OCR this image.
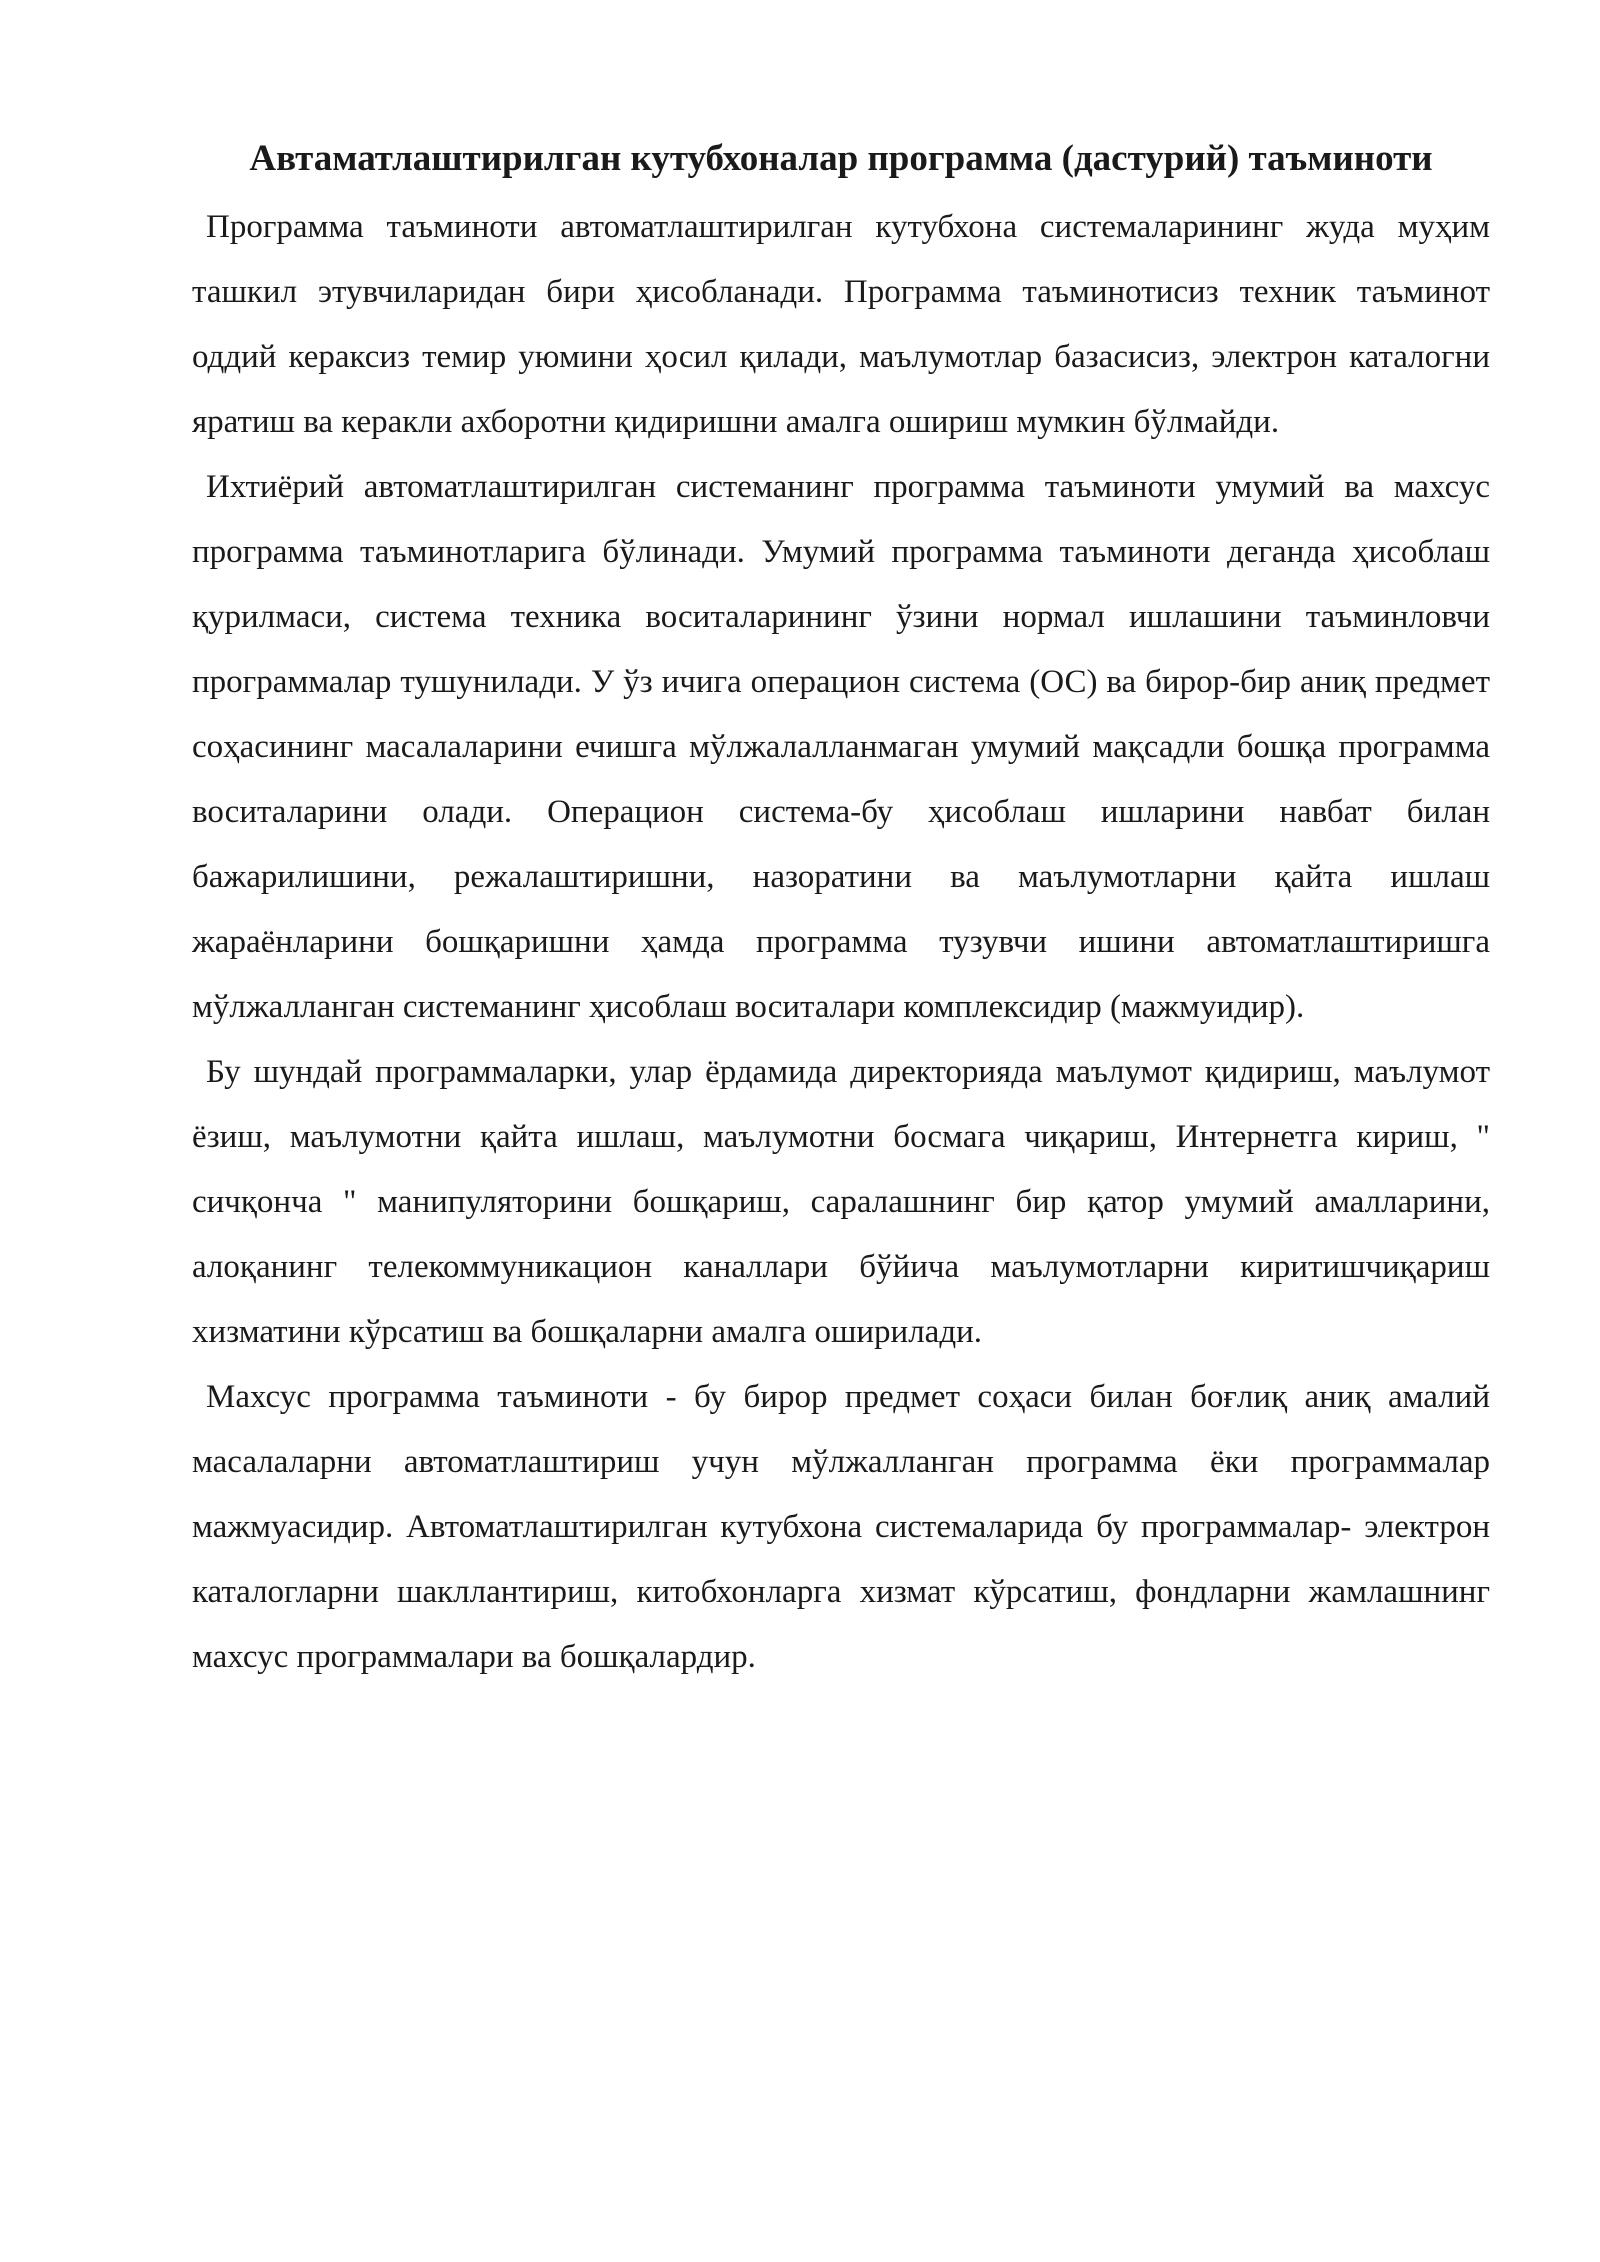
Автаматлаштирилган кутубхоналар программа (дастурий) таъминоти

Программа таъминоти автоматлаштирилган кутубхона системаларининг жуда муҳим ташкил этувчиларидан бири ҳисобланади. Программа таъминотисиз техник таъминот оддий кераксиз темир уюмини ҳосил қилади, маълумотлар базасисиз, электрон каталогни яратиш ва керакли ахборотни қидиришни амалга ошириш мумкин бўлмайди.

Ихтиёрий автоматлаштирилган системанинг программа таъминоти умумий ва махсус программа таъминотларига бўлинади. Умумий программа таъминоти деганда ҳисоблаш қурилмаси, система техника воситаларининг ўзини нормал ишлашини таъминловчи программалар тушунилади. У ўз ичига операцион система (ОС) ва бирор-бир аниқ предмет соҳасининг масалаларини ечишга мўлжалалланмаган умумий мақсадли бошқа программа воситаларини олади. Операцион система-бу ҳисоблаш ишларини навбат билан бажарилишини, режалаштиришни, назоратини ва маълумотларни қайта ишлаш жараёнларини бошқаришни ҳамда программа тузувчи ишини автоматлаштиришга мўлжалланган системанинг ҳисоблаш воситалари комплексидир (мажмуидир).

Бу шундай программаларки, улар ёрдамида директорияда маълумот қидириш, маълумот ёзиш, маълумотни қайта ишлаш, маълумотни босмага чиқариш, Интернетга кириш, " сичқонча " манипуляторини бошқариш, саралашнинг бир қатор умумий амалларини, алоқанинг телекоммуникацион каналлари бўйича маълумотларни киритишчиқариш хизматини кўрсатиш ва бошқаларни амалга оширилади.

Махсус программа таъминоти - бу бирор предмет соҳаси билан боғлиқ аниқ амалий масалаларни автоматлаштириш учун мўлжалланган программа ёки программалар мажмуасидир. Автоматлаштирилган кутубхона системаларида бу программалар- электрон каталогларни шакллантириш, китобхонларга хизмат кўрсатиш, фондларни жамлашнинг махсус программалари ва бошқалардир.
